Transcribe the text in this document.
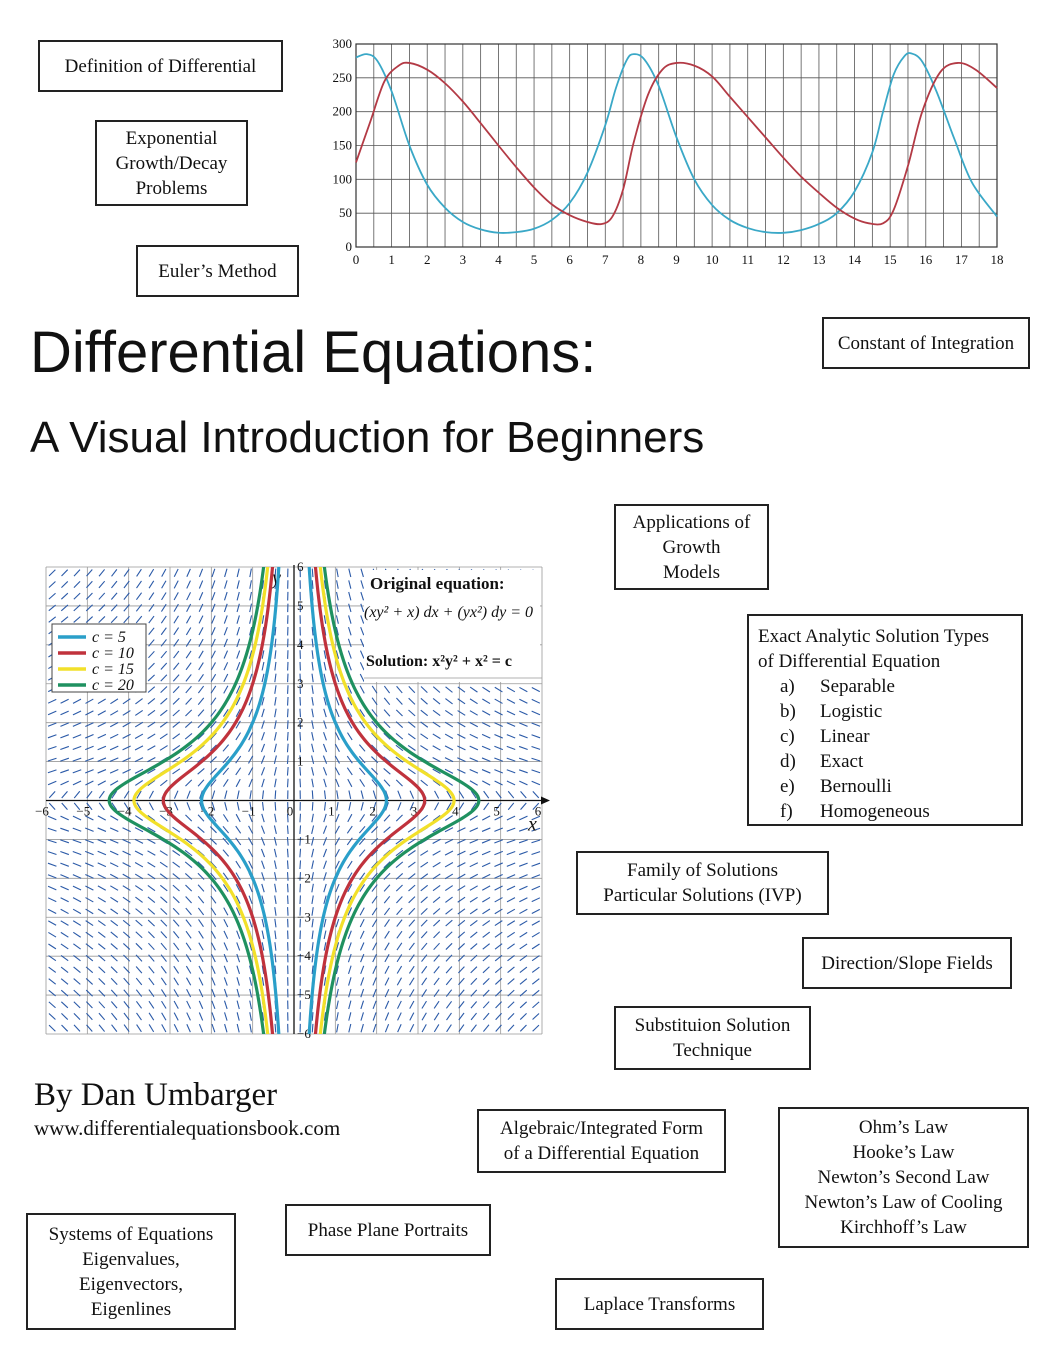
Definition of Differential
Exponential
Growth/Decay
Problems
Euler’s Method
Constant of Integration
Applications of
Growth
Models
Exact Analytic Solution Types
of Differential Equation
a) Separable
b) Logistic
c) Linear
d) Exact
e) Bernoulli
f) Homogeneous
Family of Solutions
Particular Solutions (IVP)
Direction/Slope Fields
Substituion Solution
Technique
Algebraic/Integrated Form
of a Differential Equation
Ohm’s Law
Hooke’s Law
Newton’s Second Law
Newton’s Law of Cooling
Kirchhoff’s Law
Systems of Equations
Eigenvalues,
Eigenvectors,
Eigenlines
Phase Plane Portraits
Laplace Transforms
Differential Equations:
A Visual Introduction for Beginners
By Dan Umbarger
www.differentialequationsbook.com
0 1 2 3 4 5 6 7 8 9 10 11 12 13 14 15 16 17 18
0
50
100
150
200
250
300
−6 −5 −4 −3 −2 −1 0	1	2	3	4	5	6
−6
−5
−4
−3
−2
−1
1
2
3
4
5
6
x
y
c = 5
c = 10
c = 15
c = 20
Original equation:
(xy² + x) dx + (yx²) dy = 0
Solution: x²y² + x² = c
